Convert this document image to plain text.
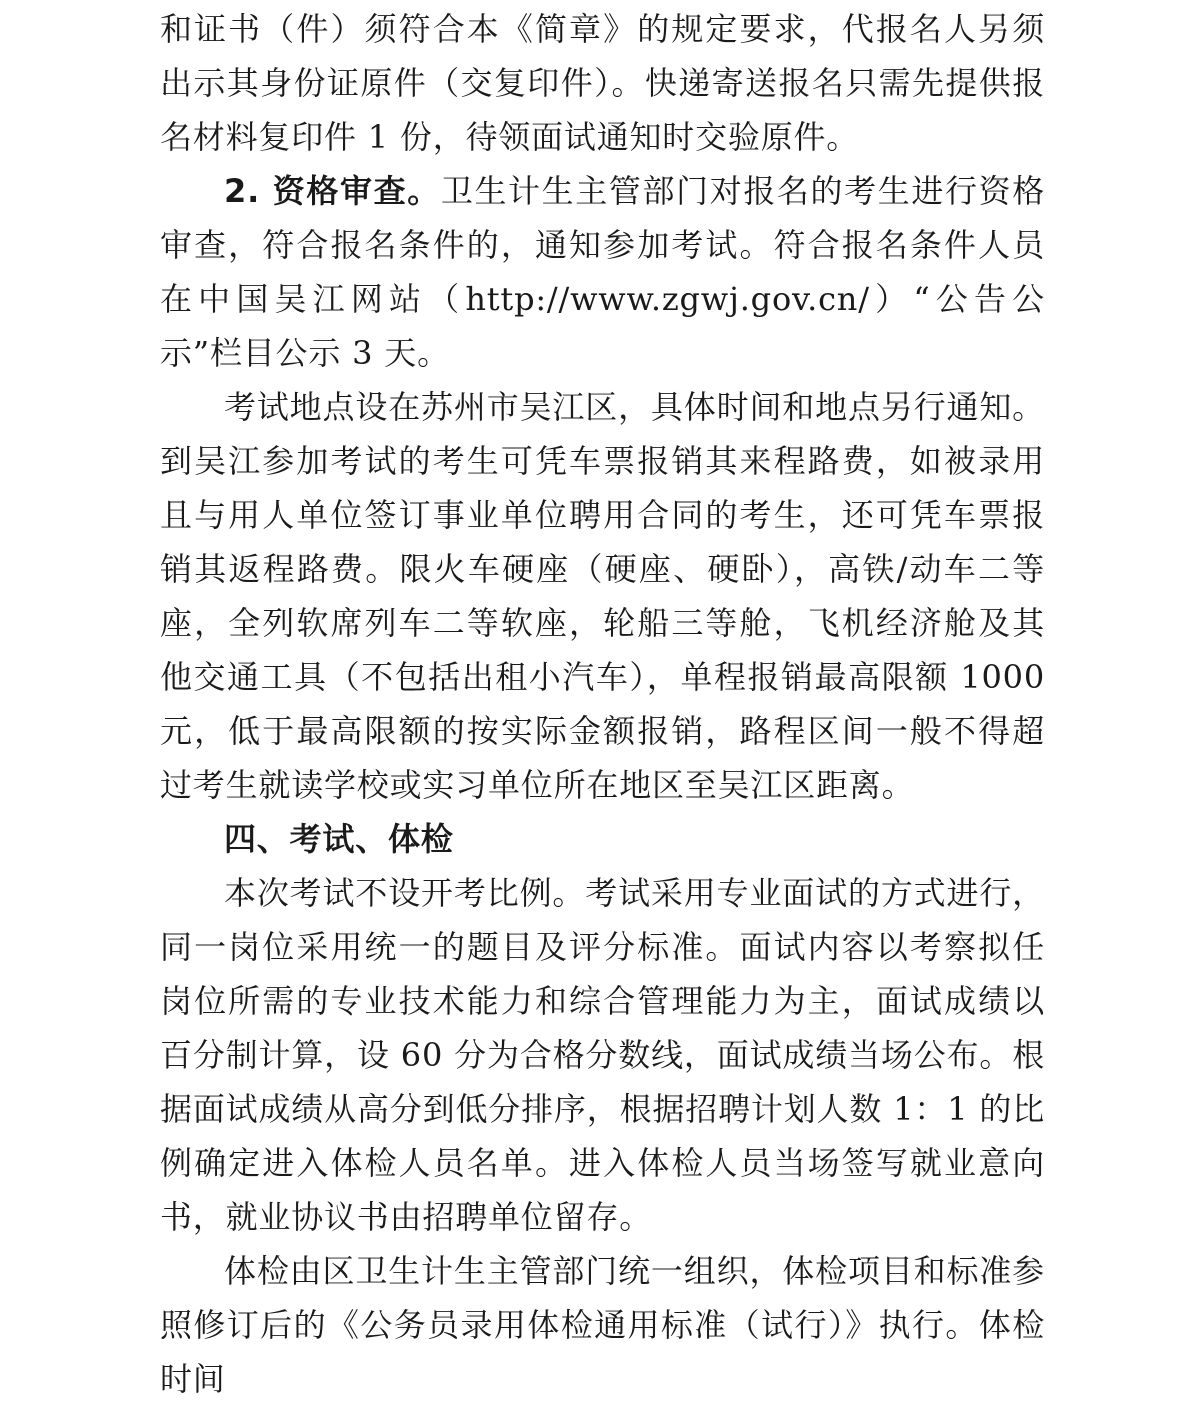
和证书（件）须符合本《简章》的规定要求，代报名人另须出示其身份证原件（交复印件）。快递寄送报名只需先提供报名材料复印件 1 份，待领面试通知时交验原件。

2. 资格审查。卫生计生主管部门对报名的考生进行资格审查，符合报名条件的，通知参加考试。符合报名条件人员在中国吴江网站（http://www.zgwj.gov.cn/）“公告公示”栏目公示 3 天。

考试地点设在苏州市吴江区，具体时间和地点另行通知。到吴江参加考试的考生可凭车票报销其来程路费，如被录用且与用人单位签订事业单位聘用合同的考生，还可凭车票报销其返程路费。限火车硬座（硬座、硬卧），高铁/动车二等座，全列软席列车二等软座，轮船三等舱，飞机经济舱及其他交通工具（不包括出租小汽车），单程报销最高限额 1000 元，低于最高限额的按实际金额报销，路程区间一般不得超过考生就读学校或实习单位所在地区至吴江区距离。

四、考试、体检

本次考试不设开考比例。考试采用专业面试的方式进行，同一岗位采用统一的题目及评分标准。面试内容以考察拟任岗位所需的专业技术能力和综合管理能力为主，面试成绩以百分制计算，设 60 分为合格分数线，面试成绩当场公布。根据面试成绩从高分到低分排序，根据招聘计划人数 1：1 的比例确定进入体检人员名单。进入体检人员当场签写就业意向书，就业协议书由招聘单位留存。

体检由区卫生计生主管部门统一组织，体检项目和标准参照修订后的《公务员录用体检通用标准（试行）》执行。体检时间
